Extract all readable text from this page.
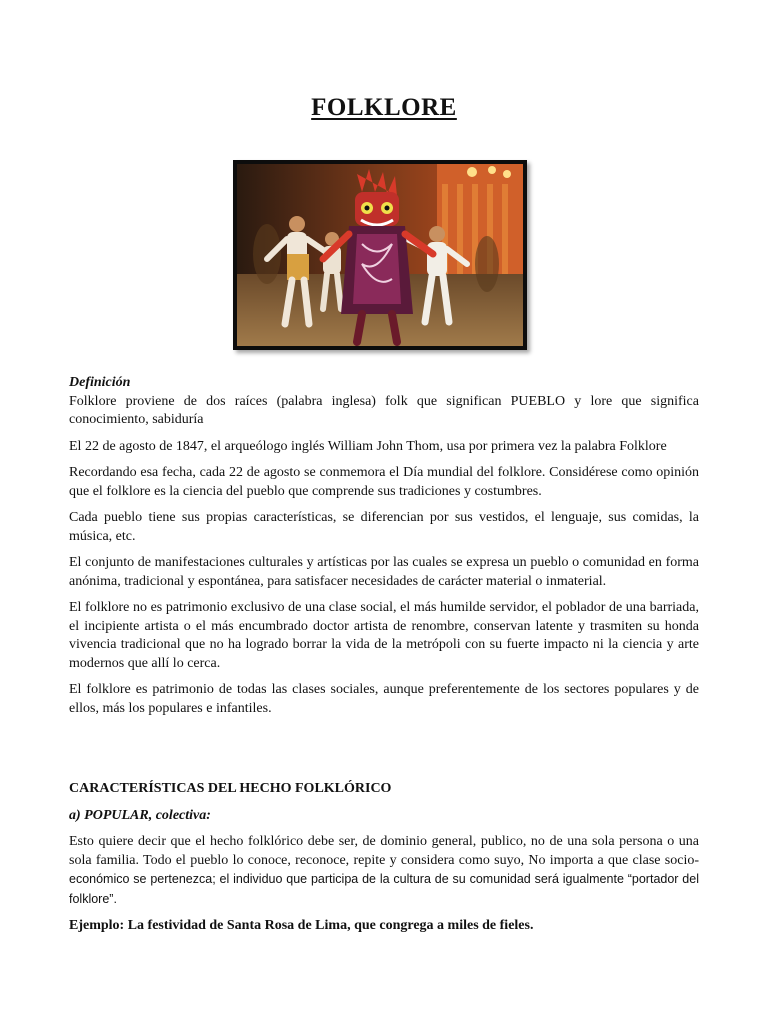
FOLKLORE
Definición

Folklore proviene de dos raíces (palabra inglesa) folk que significan PUEBLO y lore que significa conocimiento, sabiduría

El 22 de agosto de 1847, el arqueólogo inglés William John Thom, usa por primera vez la palabra Folklore

Recordando esa fecha, cada 22 de agosto se conmemora el Día mundial del folklore. Considérese como opinión que el folklore es la ciencia del pueblo que comprende sus tradiciones y costumbres.

Cada pueblo tiene sus propias características, se diferencian por sus vestidos, el lenguaje, sus comidas, la música, etc.

El conjunto de manifestaciones culturales y artísticas por las cuales se expresa un pueblo o comunidad en forma anónima, tradicional y espontánea, para satisfacer necesidades de carácter material o inmaterial.

El folklore no es patrimonio exclusivo de una clase social, el más humilde servidor, el poblador de una barriada, el incipiente artista o el más encumbrado doctor artista de renombre, conservan latente y trasmiten su honda vivencia tradicional que no ha logrado borrar la vida de la metrópoli con su fuerte impacto ni la ciencia y arte modernos que allí lo cerca.

El folklore es patrimonio de todas las clases sociales, aunque preferentemente de los sectores populares y de ellos, más los populares e infantiles.

CARACTERÍSTICAS DEL HECHO FOLKLÓRICO

a) POPULAR, colectiva:

Esto quiere decir que el hecho folklórico debe ser, de dominio general, publico, no de una sola persona o una sola familia. Todo el pueblo lo conoce, reconoce, repite y considera como suyo, No importa a que clase socio- económico se pertenezca; el individuo que participa de la cultura de su comunidad será igualmente “portador del folklore”.

Ejemplo: La festividad de Santa Rosa de Lima, que congrega a miles de fieles.
